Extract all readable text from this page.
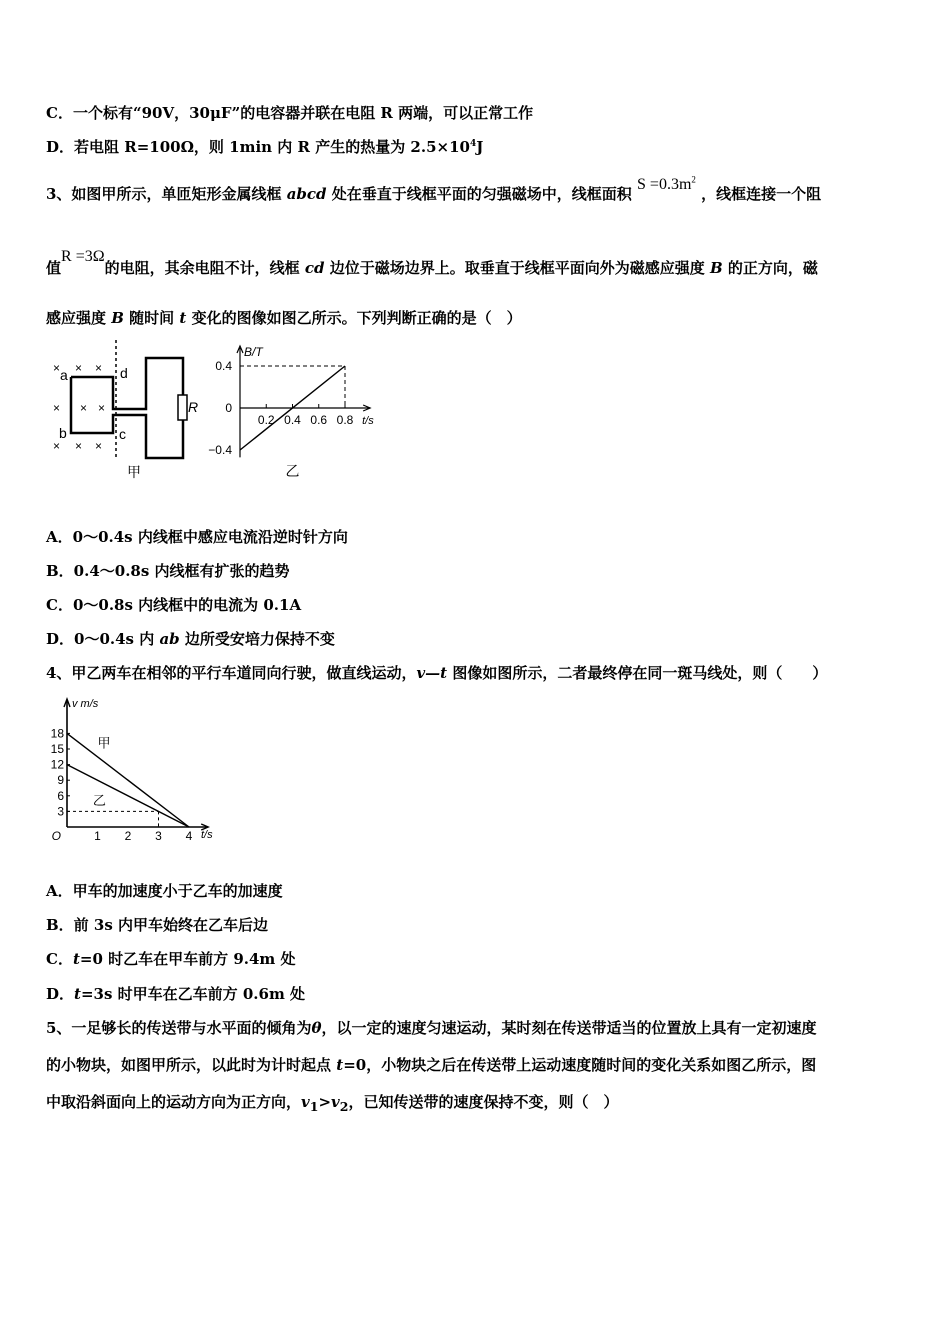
C．一个标有“90V，30μF”的电容器并联在电阻 R 两端，可以正常工作
D．若电阻 R=100Ω，则 1min 内 R 产生的热量为 $2.5\times 10^4J$
3、如图甲所示，单匝矩形金属线框 abcd 处在垂直于线框平面的匀强磁场中，线框面积 $S =0.3m^2$ ，线框连接一个阻
值R =3Ω的电阻，其余电阻不计，线框 cd 边位于磁场边界上。取垂直于线框平面向外为磁感应强度 B 的正方向，磁
感应强度 B 随时间 t 变化的图像如图乙所示。下列判断正确的是（　）
× × ×
× × ×
× × ×
a
b	c
d
R
甲
B/T
t/s
0.2 0.4 0.6 0.8
0.4
0
−0.4
乙
A．0～0.4s 内线框中感应电流沿逆时针方向
B．0.4～0.8s 内线框有扩张的趋势
C．0～0.8s 内线框中的电流为 0.1A
D．0～0.4s 内 ab 边所受安培力保持不变
4、甲乙两车在相邻的平行车道同向行驶，做直线运动，v—t 图像如图所示，二者最终停在同一斑马线处，则（　　）
v m/s
t/s
O	1 2 3 4
18
15
12
9
6
3
甲
乙
A．甲车的加速度小于乙车的加速度
B．前 3s 内甲车始终在乙车后边
C．t=0 时乙车在甲车前方 9.4m 处
D．t=3s 时甲车在乙车前方 0.6m 处
5、一足够长的传送带与水平面的倾角为θ，以一定的速度匀速运动，某时刻在传送带适当的位置放上具有一定初速度
的小物块，如图甲所示，以此时为计时起点 t=0，小物块之后在传送带上运动速度随时间的变化关系如图乙所示，图
中取沿斜面向上的运动方向为正方向，$v_1>v_2$，已知传送带的速度保持不变，则（　）
